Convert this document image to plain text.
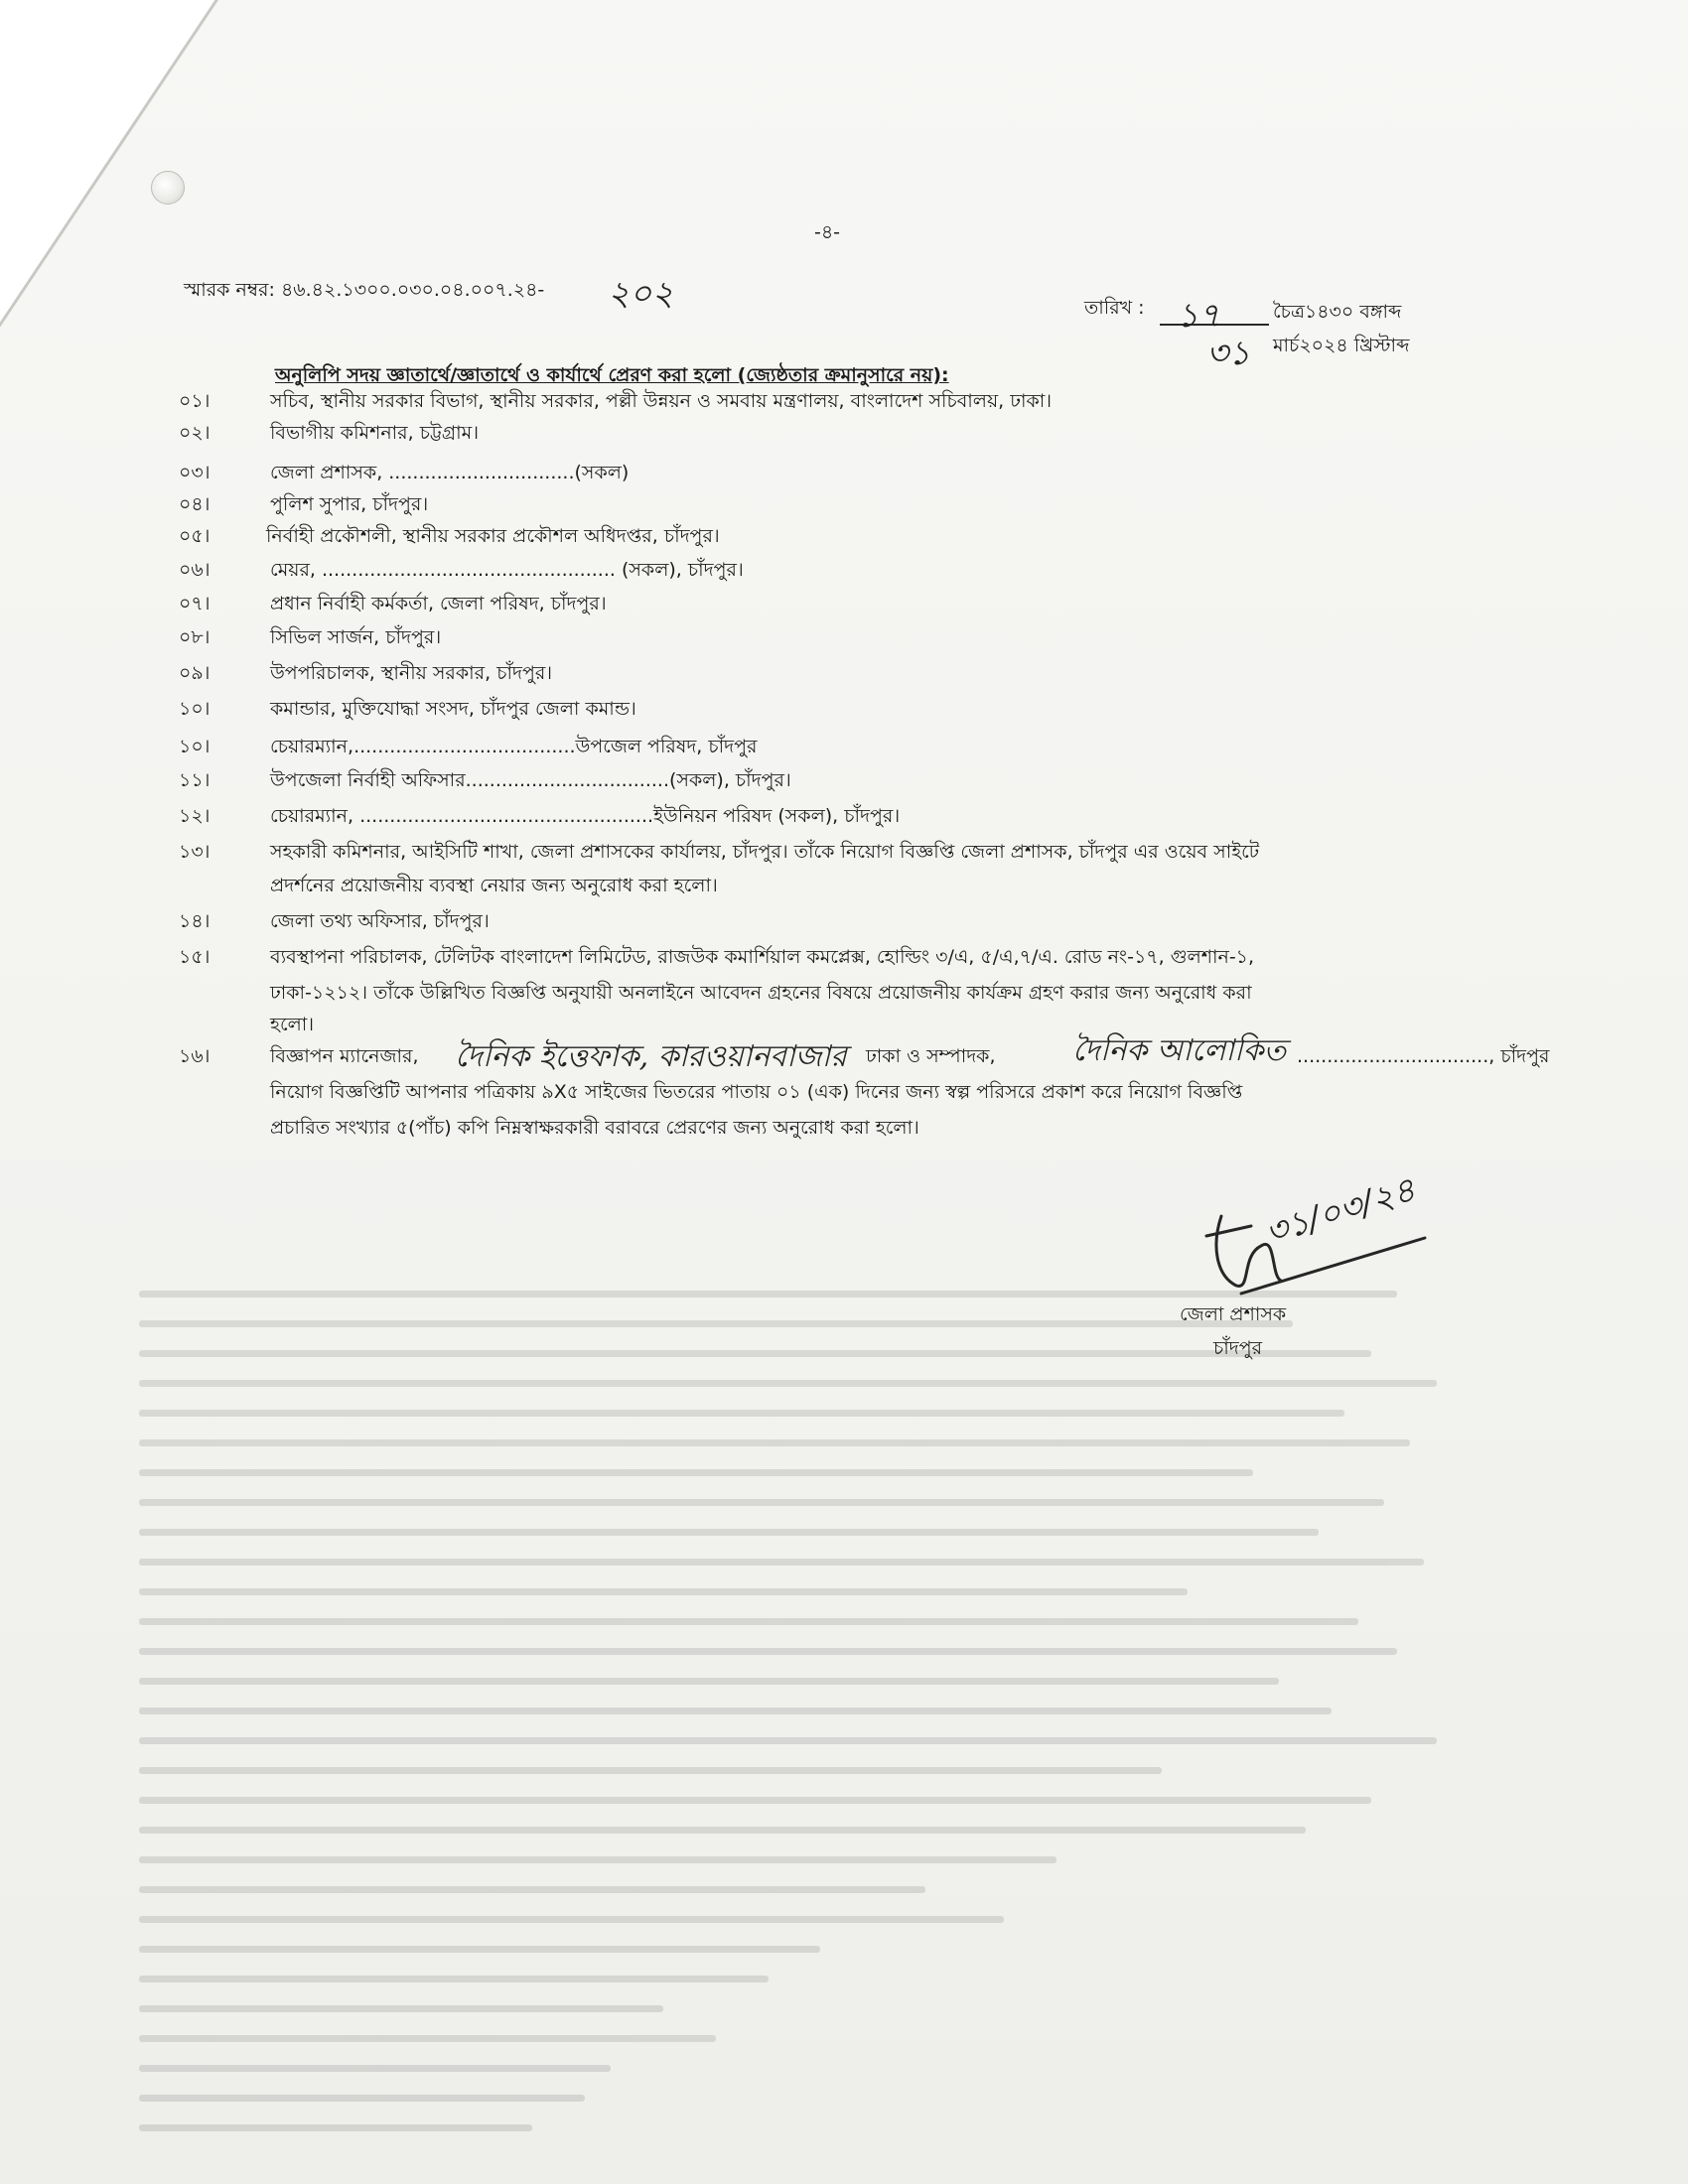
-৪-
স্মারক নম্বর: ৪৬.৪২.১৩০০.০৩০.০৪.০০৭.২৪- ২০২	তারিখ : ১৭	চৈত্র১৪৩০ বঙ্গাব্দ
৩১ মার্চ২০২৪ খ্রিস্টাব্দ
অনুলিপি সদয় জ্ঞাতার্থে/জ্ঞাতার্থে ও কার্যার্থে প্রেরণ করা হলো (জ্যেষ্ঠতার ক্রমানুসারে নয়):
০১।	সচিব, স্থানীয় সরকার বিভাগ, স্থানীয় সরকার, পল্লী উন্নয়ন ও সমবায় মন্ত্রণালয়, বাংলাদেশ সচিবালয়, ঢাকা।
০২।	বিভাগীয় কমিশনার, চট্টগ্রাম।
০৩।	জেলা প্রশাসক, ...............................(সকল)
০৪।	পুলিশ সুপার, চাঁদপুর।
০৫।	নির্বাহী প্রকৌশলী, স্থানীয় সরকার প্রকৌশল অধিদপ্তর, চাঁদপুর।
০৬।	মেয়র, ................................................. (সকল), চাঁদপুর।
০৭।	প্রধান নির্বাহী কর্মকর্তা, জেলা পরিষদ, চাঁদপুর।
০৮।	সিভিল সার্জন, চাঁদপুর।
০৯।	উপপরিচালক, স্থানীয় সরকার, চাঁদপুর।
১০।	কমান্ডার, মুক্তিযোদ্ধা সংসদ, চাঁদপুর জেলা কমান্ড।
১০।	চেয়ারম্যান,.....................................উপজেল পরিষদ, চাঁদপুর
১১।	উপজেলা নির্বাহী অফিসার..................................(সকল), চাঁদপুর।
১২।	চেয়ারম্যান, .................................................ইউনিয়ন পরিষদ (সকল), চাঁদপুর।
১৩।	সহকারী কমিশনার, আইসিটি শাখা, জেলা প্রশাসকের কার্যালয়, চাঁদপুর। তাঁকে নিয়োগ বিজ্ঞপ্তি জেলা প্রশাসক, চাঁদপুর এর ওয়েব সাইটে
প্রদর্শনের প্রয়োজনীয় ব্যবস্থা নেয়ার জন্য অনুরোধ করা হলো।
১৪।	জেলা তথ্য অফিসার, চাঁদপুর।
১৫।	ব্যবস্থাপনা পরিচালক, টেলিটক বাংলাদেশ লিমিটেড, রাজউক কমার্শিয়াল কমপ্লেক্স, হোল্ডিং ৩/এ, ৫/এ,৭/এ. রোড নং-১৭, গুলশান-১,
ঢাকা-১২১২। তাঁকে উল্লিখিত বিজ্ঞপ্তি অনুযায়ী অনলাইনে আবেদন গ্রহনের বিষয়ে প্রয়োজনীয় কার্যক্রম গ্রহণ করার জন্য অনুরোধ করা
হলো।
১৬।	বিজ্ঞাপন ম্যানেজার, দৈনিক ইত্তেফাক, কারওয়ানবাজার ঢাকা ও সম্পাদক,	দৈনিক আলোকিত ................................, চাঁদপুর
নিয়োগ বিজ্ঞপ্তিটি আপনার পত্রিকায় ৯X৫ সাইজের ভিতরের পাতায় ০১ (এক) দিনের জন্য স্বল্প পরিসরে প্রকাশ করে নিয়োগ বিজ্ঞপ্তি
প্রচারিত সংখ্যার ৫(পাঁচ) কপি নিম্নস্বাক্ষরকারী বরাবরে প্রেরণের জন্য অনুরোধ করা হলো।
৩১/০৩/২৪
জেলা প্রশাসক
চাঁদপুর
